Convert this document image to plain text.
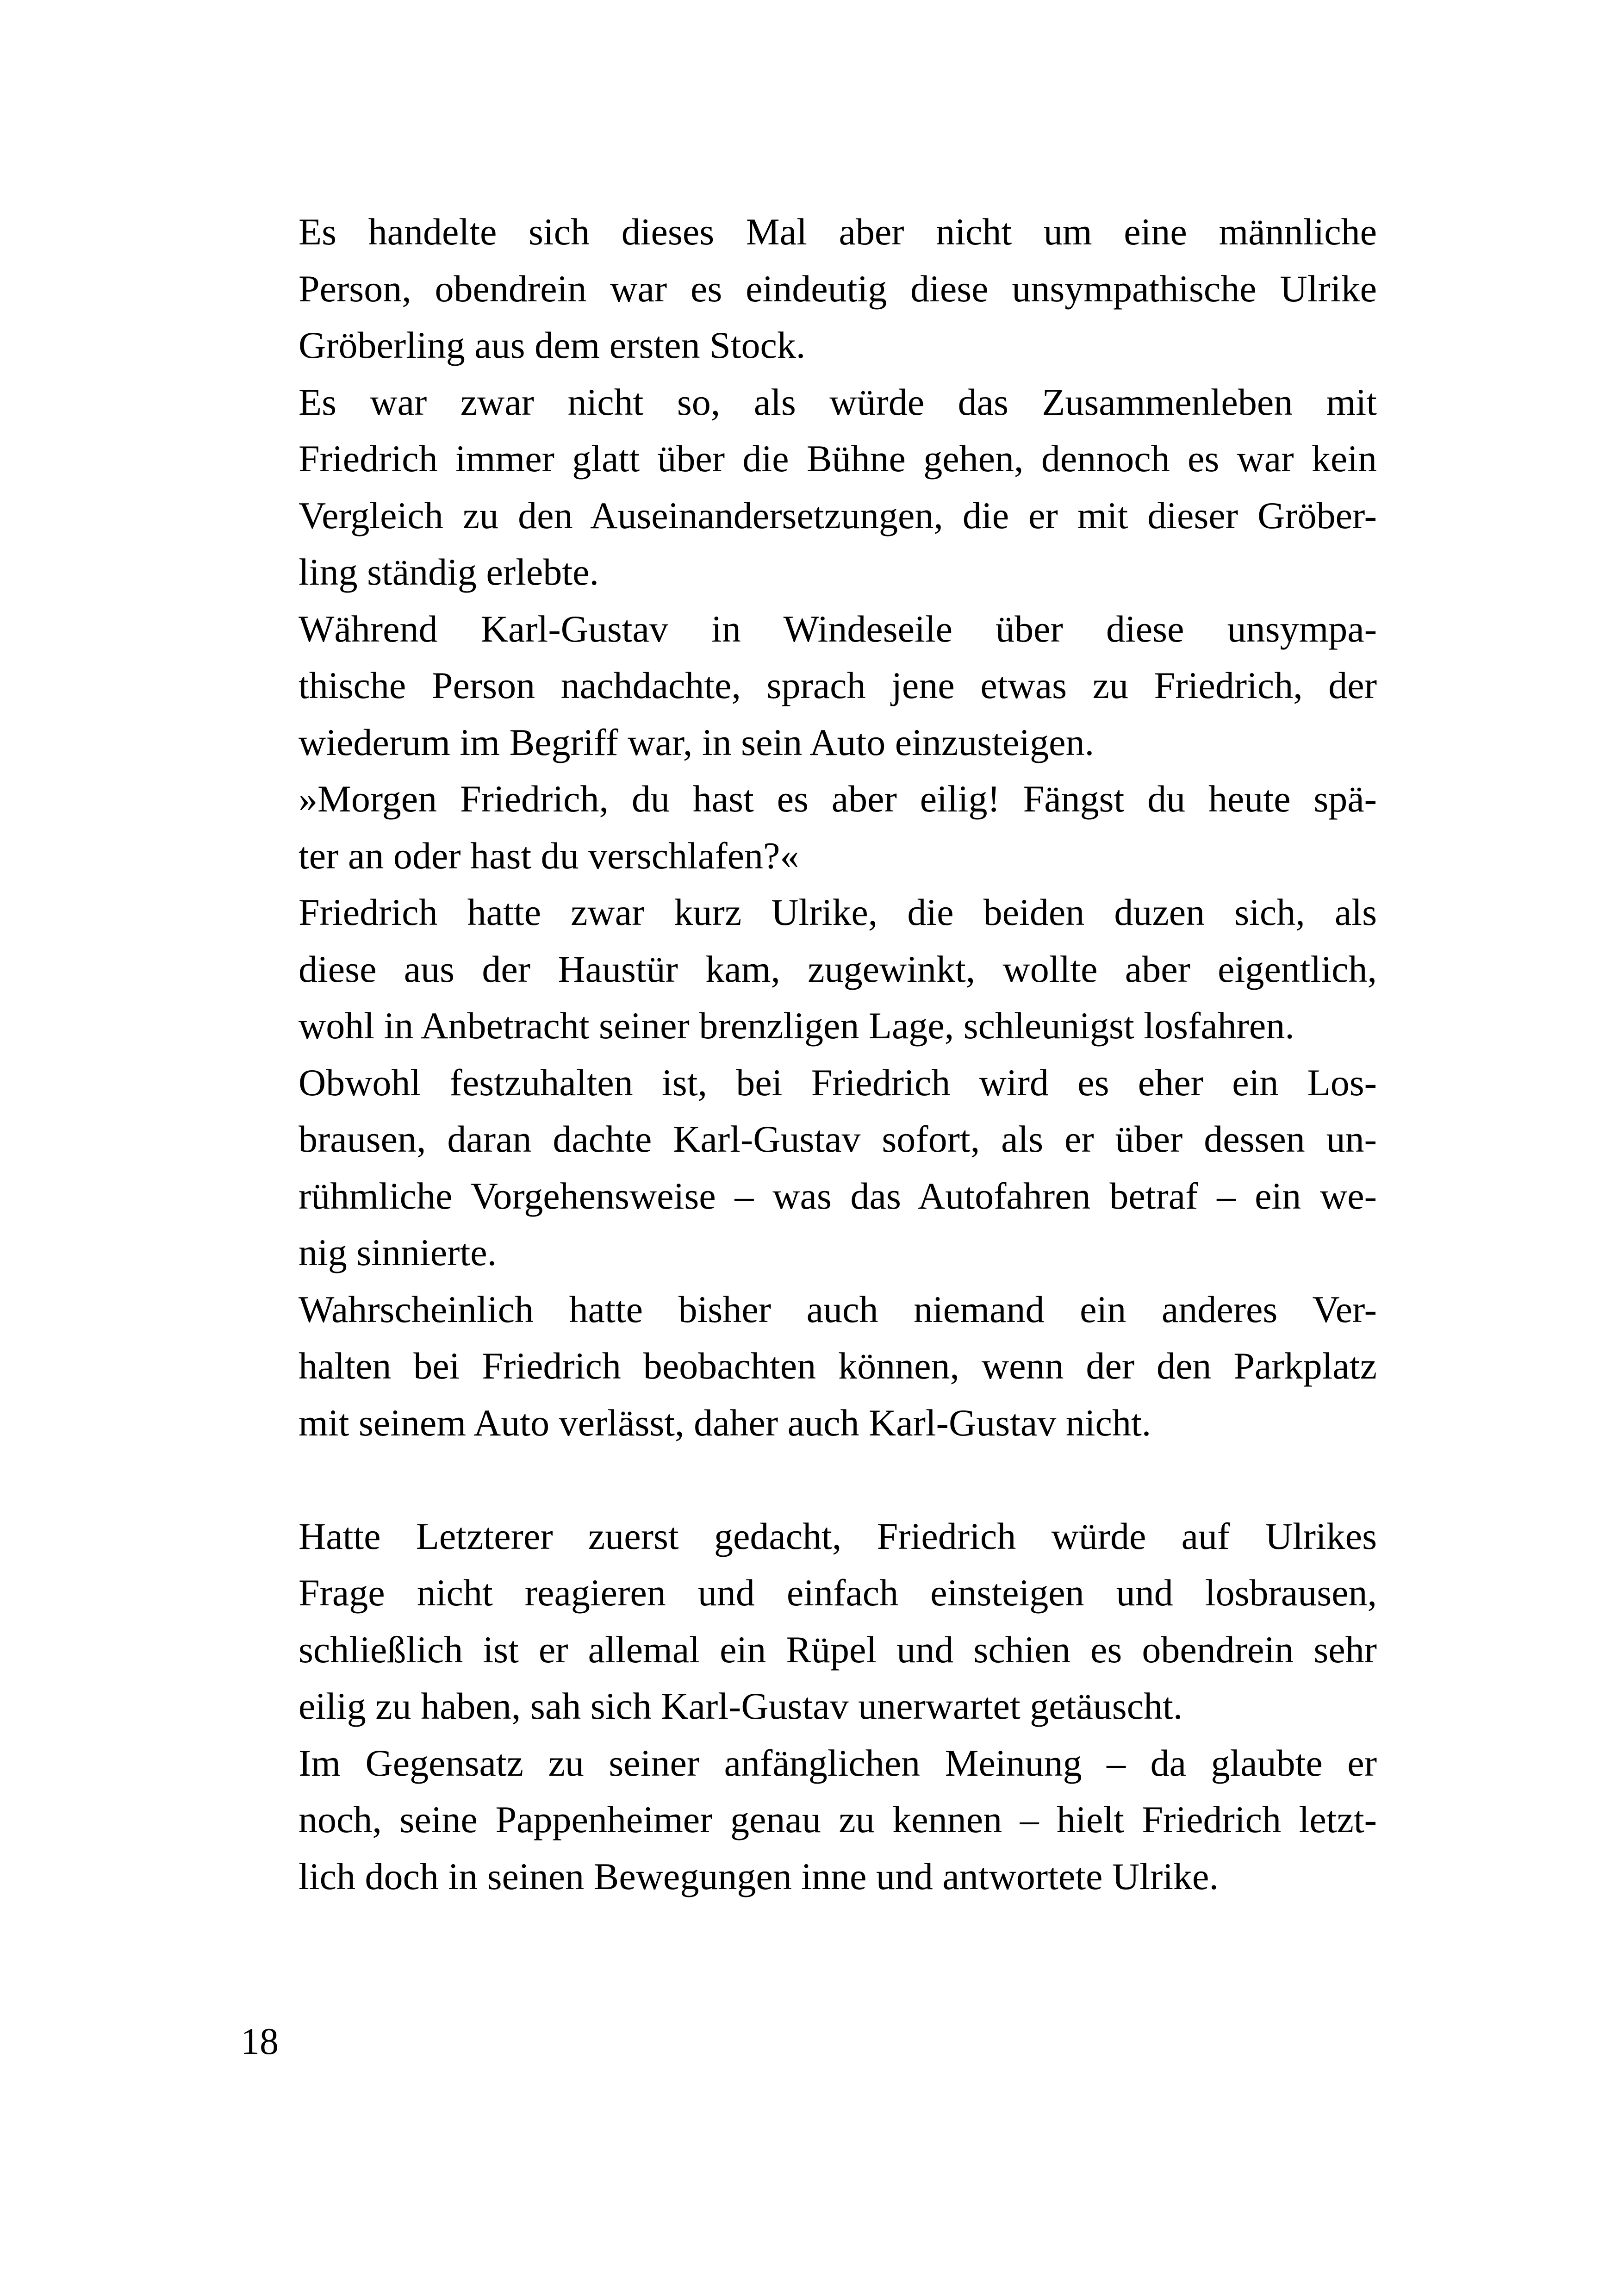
Es handelte sich dieses Mal aber nicht um eine männliche
Person, obendrein war es eindeutig diese unsympathische Ulrike
Gröberling aus dem ersten Stock.
Es war zwar nicht so, als würde das Zusammenleben mit
Friedrich immer glatt über die Bühne gehen, dennoch es war kein
Vergleich zu den Auseinandersetzungen, die er mit dieser Gröber-
ling ständig erlebte.
Während Karl-Gustav in Windeseile über diese unsympa-
thische Person nachdachte, sprach jene etwas zu Friedrich, der
wiederum im Begriff war, in sein Auto einzusteigen.
»Morgen Friedrich, du hast es aber eilig! Fängst du heute spä-
ter an oder hast du verschlafen?«
Friedrich hatte zwar kurz Ulrike, die beiden duzen sich, als
diese aus der Haustür kam, zugewinkt, wollte aber eigentlich,
wohl in Anbetracht seiner brenzligen Lage, schleunigst losfahren.
Obwohl festzuhalten ist, bei Friedrich wird es eher ein Los-
brausen, daran dachte Karl-Gustav sofort, als er über dessen un-
rühmliche Vorgehensweise – was das Autofahren betraf – ein we-
nig sinnierte.
Wahrscheinlich hatte bisher auch niemand ein anderes Ver-
halten bei Friedrich beobachten können, wenn der den Parkplatz
mit seinem Auto verlässt, daher auch Karl-Gustav nicht.
Hatte Letzterer zuerst gedacht, Friedrich würde auf Ulrikes
Frage nicht reagieren und einfach einsteigen und losbrausen,
schließlich ist er allemal ein Rüpel und schien es obendrein sehr
eilig zu haben, sah sich Karl-Gustav unerwartet getäuscht.
Im Gegensatz zu seiner anfänglichen Meinung – da glaubte er
noch, seine Pappenheimer genau zu kennen – hielt Friedrich letzt-
lich doch in seinen Bewegungen inne und antwortete Ulrike.
18
